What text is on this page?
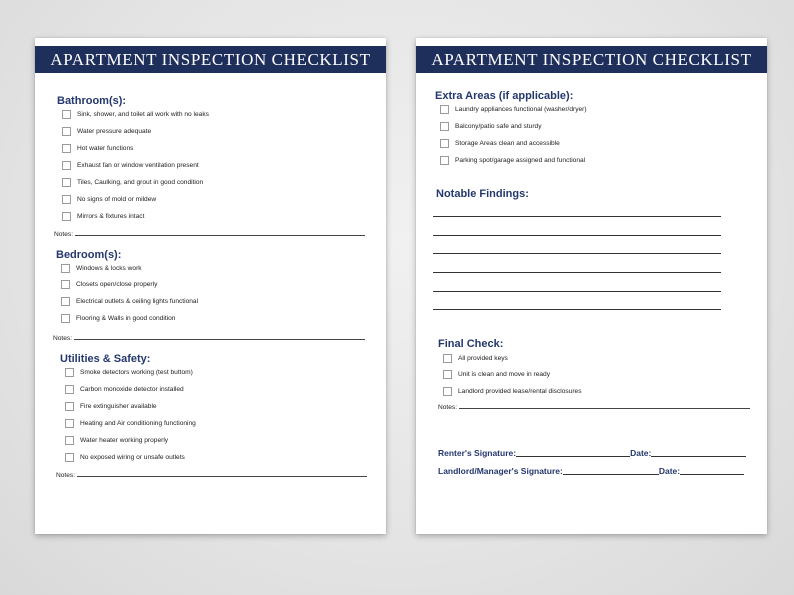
APARTMENT INSPECTION CHECKLIST
Bathroom(s):
Sink, shower, and toilet all work with no leaks
Water pressure adequate
Hot water functions
Exhaust fan or window ventilation present
Tiles, Caulking, and grout in good condition
No signs of mold or mildew
Mirrors & fixtures intact
Notes:
Bedroom(s):
Windows & locks work
Closets open/close properly
Electrical outlets & ceiling lights functional
Flooring & Walls in good condition
Notes:
Utilities & Safety:
Smoke detectors working (test buttom)
Carbon monoxide detector installed
Fire extinguisher available
Heating and Air conditioning functioning
Water heater working properly
No exposed wiring or unsafe outlets
Notes:
APARTMENT INSPECTION CHECKLIST
Extra Areas (if applicable):
Laundry appliances functional (washer/dryer)
Balcony/patio safe and sturdy
Storage Areas clean and accessible
Parking spot/garage assigned and functional
Notable Findings:
Final Check:
All provided keys
Unit is clean and move in ready
Landlord provided lease/rental disclosures
Notes:
Renter's Signature:	Date:
Landlord/Manager's Signature:	Date:
